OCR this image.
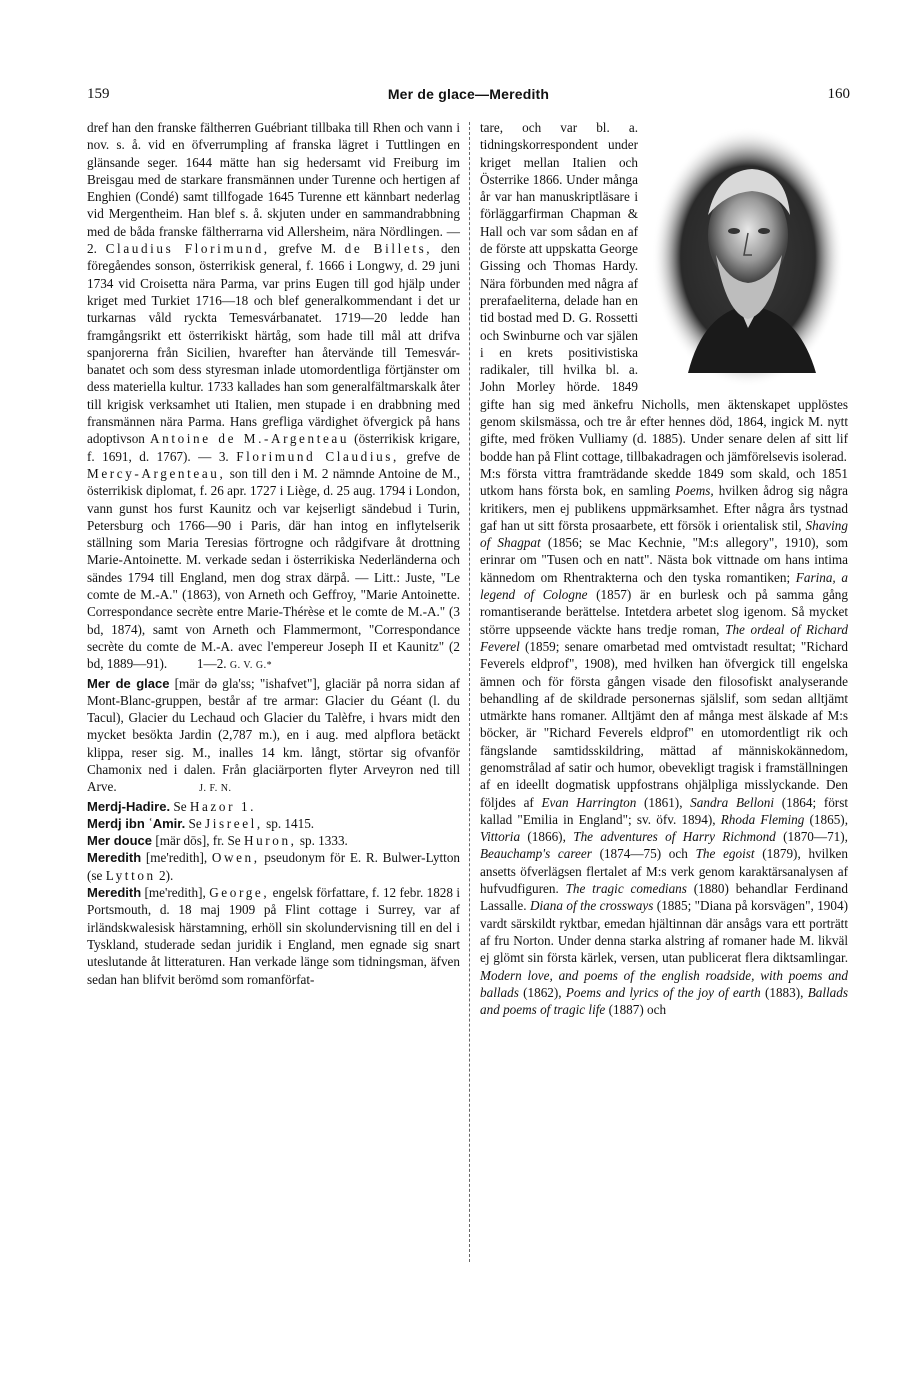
159	Mer de glace—Meredith	160

dref han den franske fältherren Guébriant tillbaka till Rhen och vann i nov. s. å. vid en öfverrumpling af franska lägret i Tuttlingen en glänsande seger. 1644 mätte han sig hedersamt vid Freiburg im Breisgau med de starkare fransmännen under Turenne och hertigen af Enghien (Condé) samt tillfogade 1645 Turenne ett kännbart nederlag vid Mergentheim. Han blef s. å. skjuten under en sammandrabbning med de båda franske fältherrarna vid Allersheim, nära Nördlingen. — 2. Claudius Florimund, grefve M. de Billets, den föregåendes sonson, österrikisk general, f. 1666 i Longwy, d. 29 juni 1734 vid Croisetta nära Parma, var prins Eugen till god hjälp under kriget med Turkiet 1716—18 och blef generalkommendant i det ur turkarnas våld ryckta Temesvárbanatet. 1719—20 ledde han framgångsrikt ett österrikiskt härtåg, som hade till mål att drifva spanjorerna från Sicilien, hvarefter han återvände till Temesvár-banatet och som dess styresman inlade utomordentliga förtjänster om dess materiella kultur. 1733 kallades han som generalfältmarskalk åter till krigisk verksamhet uti Italien, men stupade i en drabbning med fransmännen nära Parma. Hans grefliga värdighet öfvergick på hans adoptivson Antoine de M.-Argenteau (österrikisk krigare, f. 1691, d. 1767). — 3. Florimund Claudius, grefve de Mercy-Argenteau, son till den i M. 2 nämnde Antoine de M., österrikisk diplomat, f. 26 apr. 1727 i Liège, d. 25 aug. 1794 i London, vann gunst hos furst Kaunitz och var kejserligt sändebud i Turin, Petersburg och 1766—90 i Paris, där han intog en inflytelserik ställning som Maria Teresias förtrogne och rådgifvare åt drottning Marie-Antoinette. M. verkade sedan i österrikiska Nederländerna och sändes 1794 till England, men dog strax därpå. — Litt.: Juste, "Le comte de M.-A." (1863), von Arneth och Geffroy, "Marie Antoinette. Correspondance secrète entre Marie-Thérèse et le comte de M.-A." (3 bd, 1874), samt von Arneth och Flammermont, "Correspondance secrète du comte de M.-A. avec l'empereur Joseph II et Kaunitz" (2 bd, 1889—91). 1—2. G. V. G.*

Mer de glace [mär də gla'ss; "ishafvet"], glaciär på norra sidan af Mont-Blanc-gruppen, består af tre armar: Glacier du Géant (l. du Tacul), Glacier du Lechaud och Glacier du Talèfre, i hvars midt den mycket besökta Jardin (2,787 m.), en i aug. med alpflora betäckt klippa, reser sig. M., inalles 14 km. långt, störtar sig ofvanför Chamonix ned i dalen. Från glaciärporten flyter Arveyron ned till Arve.	J. F. N.

Merdj-Hadire. Se Hazor 1.

Merdj ibn ʿAmir. Se Jisreel, sp. 1415.

Mer douce [mär dōs], fr. Se Huron, sp. 1333.

Meredith [me'redith], Owen, pseudonym för E. R. Bulwer-Lytton (se Lytton 2).

Meredith [me'redith], George, engelsk författare, f. 12 febr. 1828 i Portsmouth, d. 18 maj 1909 på Flint cottage i Surrey, var af irländskwalesisk härstamning, erhöll sin skolundervisning till en del i Tyskland, studerade sedan juridik i England, men egnade sig snart uteslutande åt litteraturen. Han verkade länge som tidningsman, äfven sedan han blifvit berömd som romanförfat-

tare, och var bl. a. tidningskorrespondent under kriget mellan Italien och Österrike 1866. Under många år var han manuskriptläsare i förläggarfirman Chapman & Hall och var som sådan en af de förste att uppskatta George Gissing och Thomas Hardy. Nära förbunden med några af prerafaeliterna, delade han en tid bostad med D. G. Rossetti och Swinburne och var själen i en krets positivistiska radikaler, till hvilka bl. a. John Morley hörde. 1849 gifte han sig med änkefru Nicholls, men äktenskapet upplöstes genom skilsmässa, och tre år efter hennes död, 1864, ingick M. nytt gifte, med fröken Vulliamy (d. 1885). Under senare delen af sitt lif bodde han på Flint cottage, tillbakadragen och jämförelsevis isolerad.

M:s första vittra framträdande skedde 1849 som skald, och 1851 utkom hans första bok, en samling Poems, hvilken ådrog sig några kritikers, men ej publikens uppmärksamhet. Efter några års tystnad gaf han ut sitt första prosaarbete, ett försök i orientalisk stil, Shaving of Shagpat (1856; se Mac Kechnie, "M:s allegory", 1910), som erinrar om "Tusen och en natt". Nästa bok vittnade om hans intima kännedom om Rhentrakterna och den tyska romantiken; Farina, a legend of Cologne (1857) är en burlesk och på samma gång romantiserande berättelse. Intetdera arbetet slog igenom. Så mycket större uppseende väckte hans tredje roman, The ordeal of Richard Feverel (1859; senare omarbetad med omtvistadt resultat; "Richard Feverels eldprof", 1908), med hvilken han öfvergick till engelska ämnen och för första gången visade den filosofiskt analyserande behandling af de skildrade personernas själslif, som sedan alltjämt utmärkte hans romaner. Alltjämt den af många mest älskade af M:s böcker, är "Richard Feverels eldprof" en utomordentligt rik och fängslande samtidsskildring, mättad af människokännedom, genomstrålad af satir och humor, obevekligt tragisk i framställningen af en ideellt dogmatisk uppfostrans ohjälpliga misslyckande. Den följdes af Evan Harrington (1861), Sandra Belloni (1864; först kallad "Emilia in England"; sv. öfv. 1894), Rhoda Fleming (1865), Vittoria (1866), The adventures of Harry Richmond (1870—71), Beauchamp's career (1874—75) och The egoist (1879), hvilken ansetts öfverlägsen flertalet af M:s verk genom karaktärsanalysen af hufvudfiguren. The tragic comedians (1880) behandlar Ferdinand Lassalle. Diana of the crossways (1885; "Diana på korsvägen", 1904) vardt särskildt ryktbar, emedan hjältinnan där ansågs vara ett porträtt af fru Norton. Under denna starka alstring af romaner hade M. likväl ej glömt sin första kärlek, versen, utan publicerat flera diktsamlingar. Modern love, and poems of the english roadside, with poems and ballads (1862), Poems and lyrics of the joy of earth (1883), Ballads and poems of tragic life (1887) och
